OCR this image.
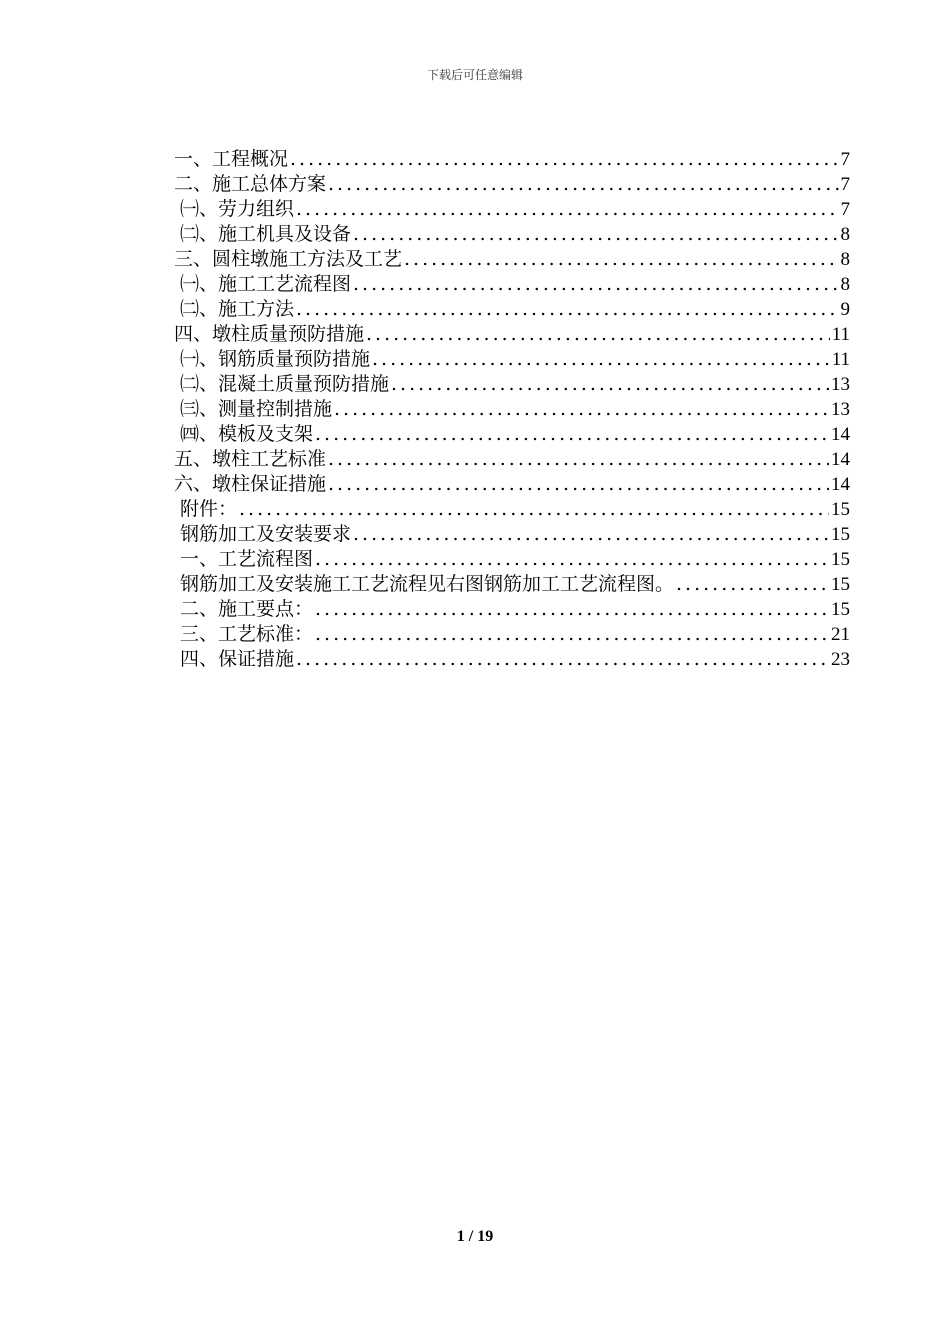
下载后可任意编辑
一、工程概况 .....	7
二、施工总体方案 .....	7
㈠、劳力组织 .....	7
㈡、施工机具及设备 .....	8
三、圆柱墩施工方法及工艺 .....	8
㈠、施工工艺流程图 .....	8
㈡、施工方法 .....	9
四、墩柱质量预防措施 .....	11
㈠、钢筋质量预防措施 .....	11
㈡、混凝土质量预防措施 .....	13
㈢、测量控制措施 .....	13
㈣、模板及支架 .....	14
五、墩柱工艺标准 .....	14
六、墩柱保证措施 .....	14
附件： .....	15
钢筋加工及安装要求 .....	15
一、工艺流程图 .....	15
钢筋加工及安装施工工艺流程见右图钢筋加工工艺流程图。 .....	15
二、施工要点： .....	15
三、工艺标准： .....	21
四、保证措施 .....	23
1 / 19
